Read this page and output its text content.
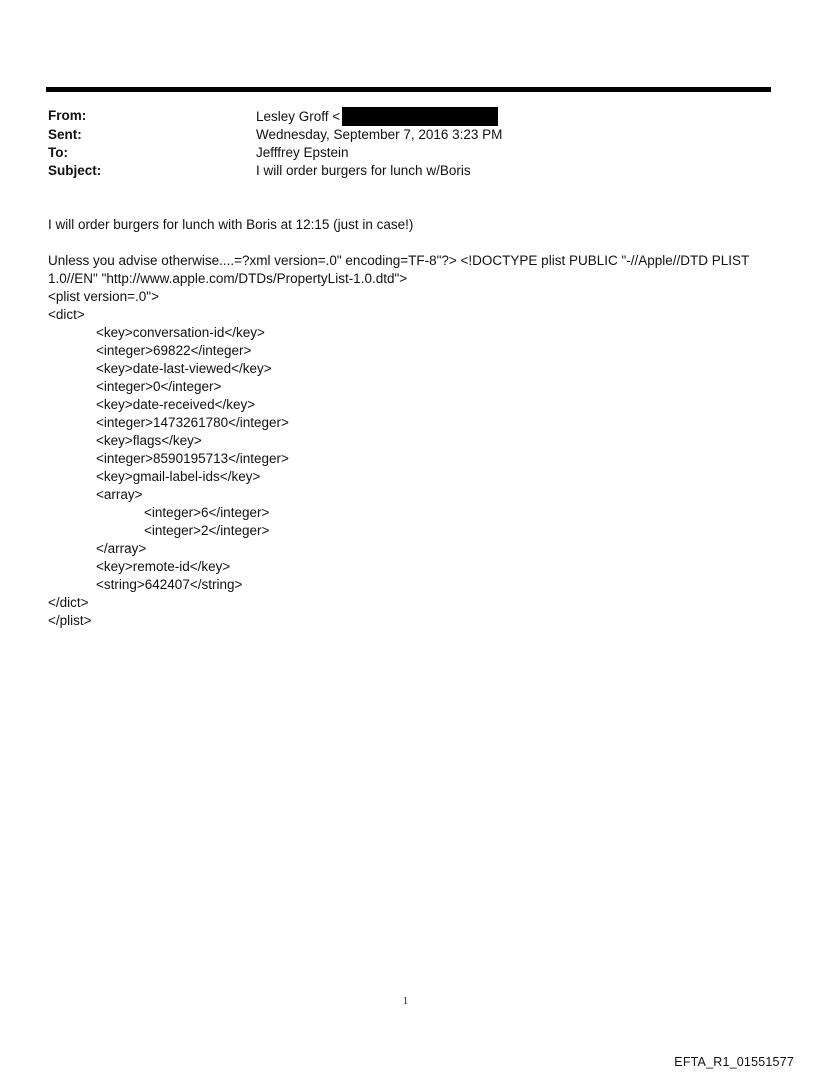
From:	Lesley Groff <
Sent:	Wednesday, September 7, 2016 3:23 PM
To:	Jefffrey Epstein
Subject:	I will order burgers for lunch w/Boris

I will order burgers for lunch with Boris at 12:15 (just in case!)

Unless you advise otherwise....=?xml version=.0" encoding=TF-8"?> <!DOCTYPE plist PUBLIC "-//Apple//DTD PLIST
1.0//EN" "http://www.apple.com/DTDs/PropertyList-1.0.dtd">
<plist version=.0">
<dict>
<key>conversation-id</key>
<integer>69822</integer>
<key>date-last-viewed</key>
<integer>0</integer>
<key>date-received</key>
<integer>1473261780</integer>
<key>flags</key>
<integer>8590195713</integer>
<key>gmail-label-ids</key>
<array>
<integer>6</integer>
<integer>2</integer>
</array>
<key>remote-id</key>
<string>642407</string>
</dict>
</plist>
1
EFTA_R1_01551577
